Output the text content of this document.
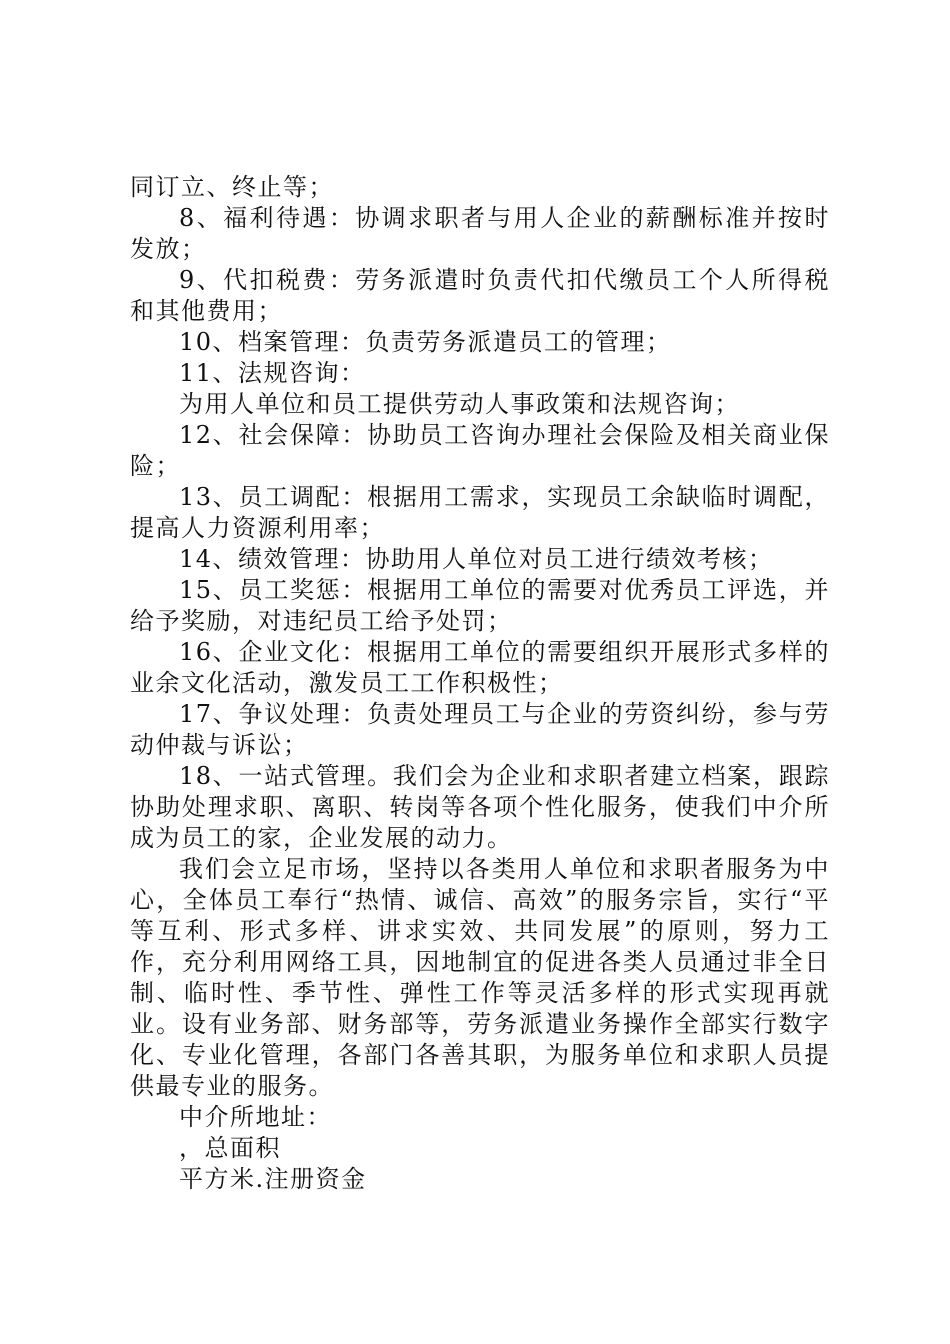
同订立、终止等；

8、福利待遇：协调求职者与用人企业的薪酬标准并按时发放；

9、代扣税费：劳务派遣时负责代扣代缴员工个人所得税和其他费用；

10、档案管理：负责劳务派遣员工的管理；

11、法规咨询：

为用人单位和员工提供劳动人事政策和法规咨询；

12、社会保障：协助员工咨询办理社会保险及相关商业保险；

13、员工调配：根据用工需求，实现员工余缺临时调配，提高人力资源利用率；

14、绩效管理：协助用人单位对员工进行绩效考核；

15、员工奖惩：根据用工单位的需要对优秀员工评选，并给予奖励，对违纪员工给予处罚；

16、企业文化：根据用工单位的需要组织开展形式多样的业余文化活动，激发员工工作积极性；

17、争议处理：负责处理员工与企业的劳资纠纷，参与劳动仲裁与诉讼；

18、一站式管理。我们会为企业和求职者建立档案，跟踪协助处理求职、离职、转岗等各项个性化服务，使我们中介所成为员工的家，企业发展的动力。

我们会立足市场，坚持以各类用人单位和求职者服务为中心，全体员工奉行“热情、诚信、高效”的服务宗旨，实行“平等互利、形式多样、讲求实效、共同发展”的原则，努力工作，充分利用网络工具，因地制宜的促进各类人员通过非全日制、临时性、季节性、弹性工作等灵活多样的形式实现再就业。设有业务部、财务部等，劳务派遣业务操作全部实行数字化、专业化管理，各部门各善其职，为服务单位和求职人员提供最专业的服务。

中介所地址：

，总面积

平方米.注册资金
